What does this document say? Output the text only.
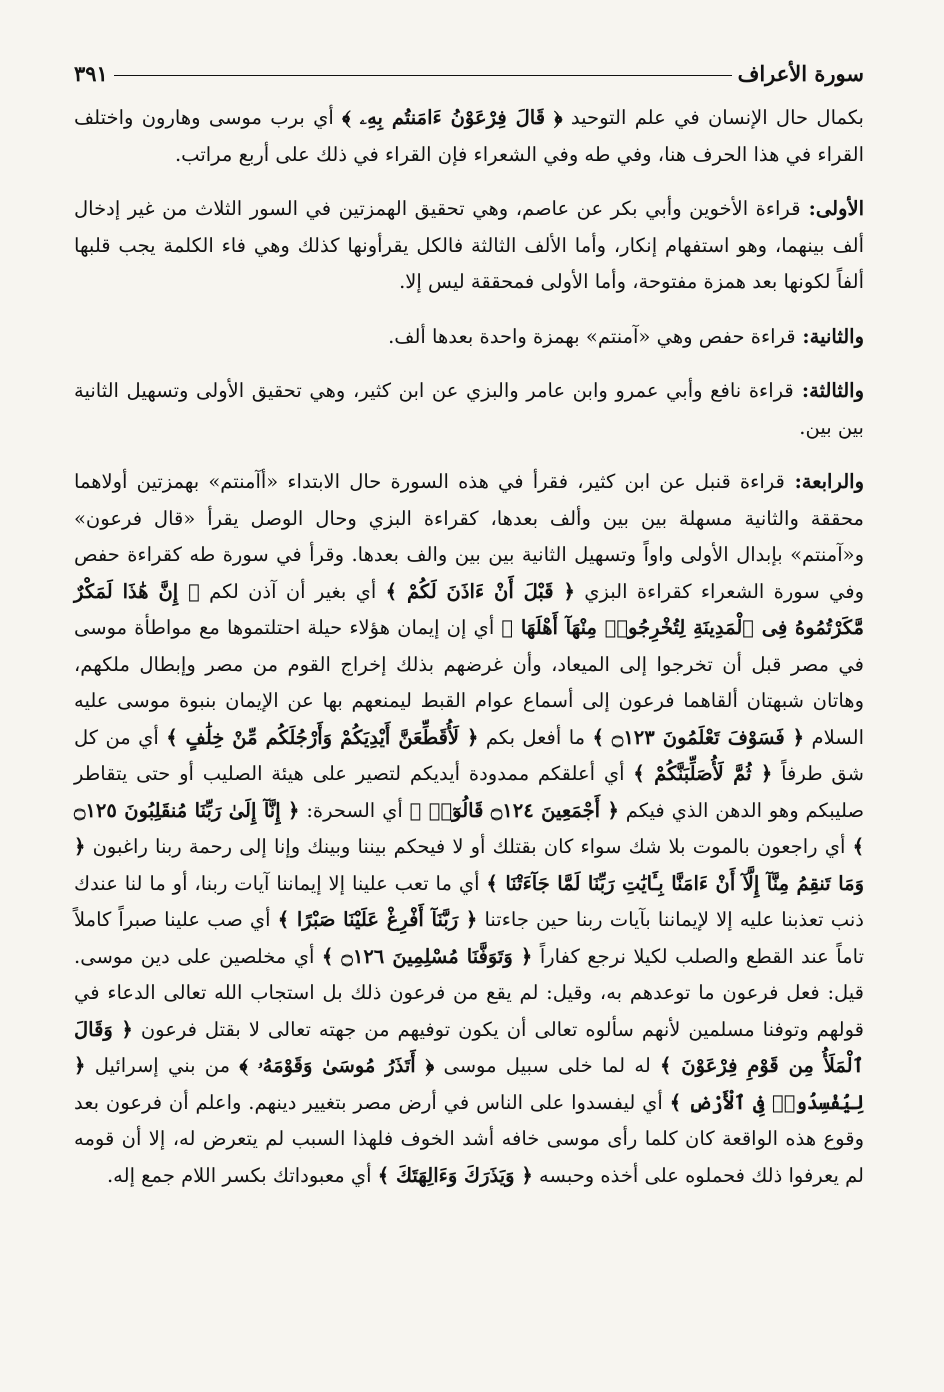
سورة الأعراف
٣٩١

بكمال حال الإنسان في علم التوحيد ﴿ قَالَ فِرْعَوْنُ ءَامَنتُم بِهِۦ ﴾ أي برب موسى وهارون واختلف القراء في هذا الحرف هنا، وفي طه وفي الشعراء فإن القراء في ذلك على أربع مراتب.

الأولى: قراءة الأخوين وأبي بكر عن عاصم، وهي تحقيق الهمزتين في السور الثلاث من غير إدخال ألف بينهما، وهو استفهام إنكار، وأما الألف الثالثة فالكل يقرأونها كذلك وهي فاء الكلمة يجب قلبها ألفاً لكونها بعد همزة مفتوحة، وأما الأولى فمحققة ليس إلا.

والثانية: قراءة حفص وهي «آمنتم» بهمزة واحدة بعدها ألف.

والثالثة: قراءة نافع وأبي عمرو وابن عامر والبزي عن ابن كثير، وهي تحقيق الأولى وتسهيل الثانية بين بين.

والرابعة: قراءة قنبل عن ابن كثير، فقرأ في هذه السورة حال الابتداء «أآمنتم» بهمزتين أولاهما محققة والثانية مسهلة بين بين وألف بعدها، كقراءة البزي وحال الوصل يقرأ «قال فرعون» و«آمنتم» بإبدال الأولى واواً وتسهيل الثانية بين بين والف بعدها. وقرأ في سورة طه كقراءة حفص وفي سورة الشعراء كقراءة البزي ﴿ قَبْلَ أَنْ ءَاذَنَ لَكُمْ ﴾ أي بغير أن آذن لكم ﴿ إِنَّ هَٰذَا لَمَكْرٌ مَّكَرْتُمُوهُ فِى ٱلْمَدِينَةِ لِتُخْرِجُوا۟ مِنْهَآ أَهْلَهَا ﴾ أي إن إيمان هؤلاء حيلة احتلتموها مع مواطأة موسى في مصر قبل أن تخرجوا إلى الميعاد، وأن غرضهم بذلك إخراج القوم من مصر وإبطال ملكهم، وهاتان شبهتان ألقاهما فرعون إلى أسماع عوام القبط ليمنعهم بها عن الإيمان بنبوة موسى عليه السلام ﴿ فَسَوْفَ تَعْلَمُونَ ۝١٢٣ ﴾ ما أفعل بكم ﴿ لَأُقَطِّعَنَّ أَيْدِيَكُمْ وَأَرْجُلَكُم مِّنْ خِلَٰفٍ ﴾ أي من كل شق طرفاً ﴿ ثُمَّ لَأُصَلِّبَنَّكُمْ ﴾ أي أعلقكم ممدودة أيديكم لتصير على هيئة الصليب أو حتى يتقاطر صليبكم وهو الدهن الذي فيكم ﴿ أَجْمَعِينَ ۝١٢٤ قَالُوٓا۟ ﴾ أي السحرة: ﴿ إِنَّآ إِلَىٰ رَبِّنَا مُنقَلِبُونَ ۝١٢٥ ﴾ أي راجعون بالموت بلا شك سواء كان بقتلك أو لا فيحكم بيننا وبينك وإنا إلى رحمة ربنا راغبون ﴿ وَمَا تَنقِمُ مِنَّآ إِلَّآ أَنْ ءَامَنَّا بِـَٔايَٰتِ رَبِّنَا لَمَّا جَآءَتْنَا ﴾ أي ما تعب علينا إلا إيماننا آيات ربنا، أو ما لنا عندك ذنب تعذبنا عليه إلا لإيماننا بآيات ربنا حين جاءتنا ﴿ رَبَّنَآ أَفْرِغْ عَلَيْنَا صَبْرًا ﴾ أي صب علينا صبراً كاملاً تاماً عند القطع والصلب لكيلا نرجع كفاراً ﴿ وَتَوَفَّنَا مُسْلِمِينَ ۝١٢٦ ﴾ أي مخلصين على دين موسى. قيل: فعل فرعون ما توعدهم به، وقيل: لم يقع من فرعون ذلك بل استجاب الله تعالى الدعاء في قولهم وتوفنا مسلمين لأنهم سألوه تعالى أن يكون توفيهم من جهته تعالى لا بقتل فرعون ﴿ وَقَالَ ٱلْمَلَأُ مِن قَوْمِ فِرْعَوْنَ ﴾ له لما خلى سبيل موسى ﴿ أَتَذَرُ مُوسَىٰ وَقَوْمَهُۥ ﴾ من بني إسرائيل ﴿ لِيُفْسِدُوا۟ فِى ٱلْأَرْضِ ﴾ أي ليفسدوا على الناس في أرض مصر بتغيير دينهم. واعلم أن فرعون بعد وقوع هذه الواقعة كان كلما رأى موسى خافه أشد الخوف فلهذا السبب لم يتعرض له، إلا أن قومه لم يعرفوا ذلك فحملوه على أخذه وحبسه ﴿ وَيَذَرَكَ وَءَالِهَتَكَ ﴾ أي معبوداتك بكسر اللام جمع إله.
